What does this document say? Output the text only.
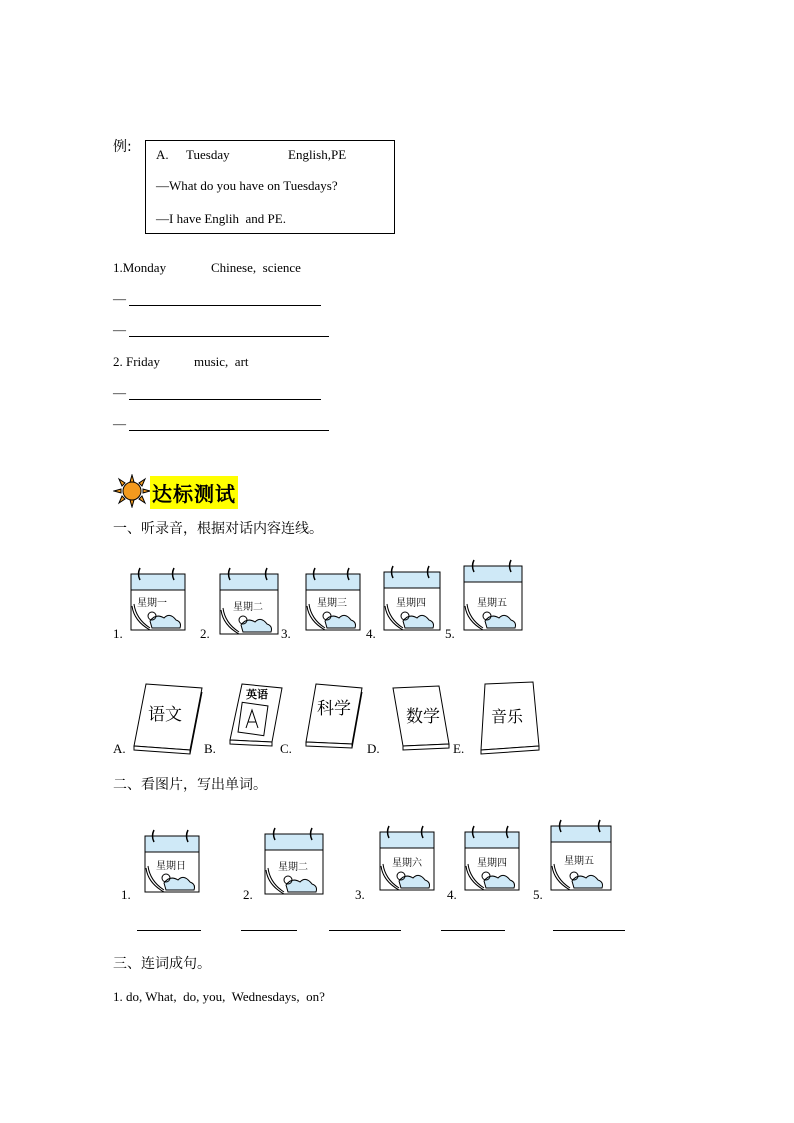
例: A. Tuesday	English,PE
—What do you have on Tuesdays?
—I have Englih  and PE.
1.Monday	Chinese,  science
—
—
2. Friday	music,  art
—
—
达标测试
一、听录音，根据对话内容连线。
1.	2.	3.	4.	5.
星期一	星期二	星期三	星期四	星期五
A.
语文
B.
英语
C.
科学
D.
数学
E.
音乐
二、看图片，写出单词。
1.	2.	3.	4.	5.
星期日	星期二	星期六	星期四	星期五
三、连词成句。
1. do, What,  do, you,  Wednesdays,  on?
